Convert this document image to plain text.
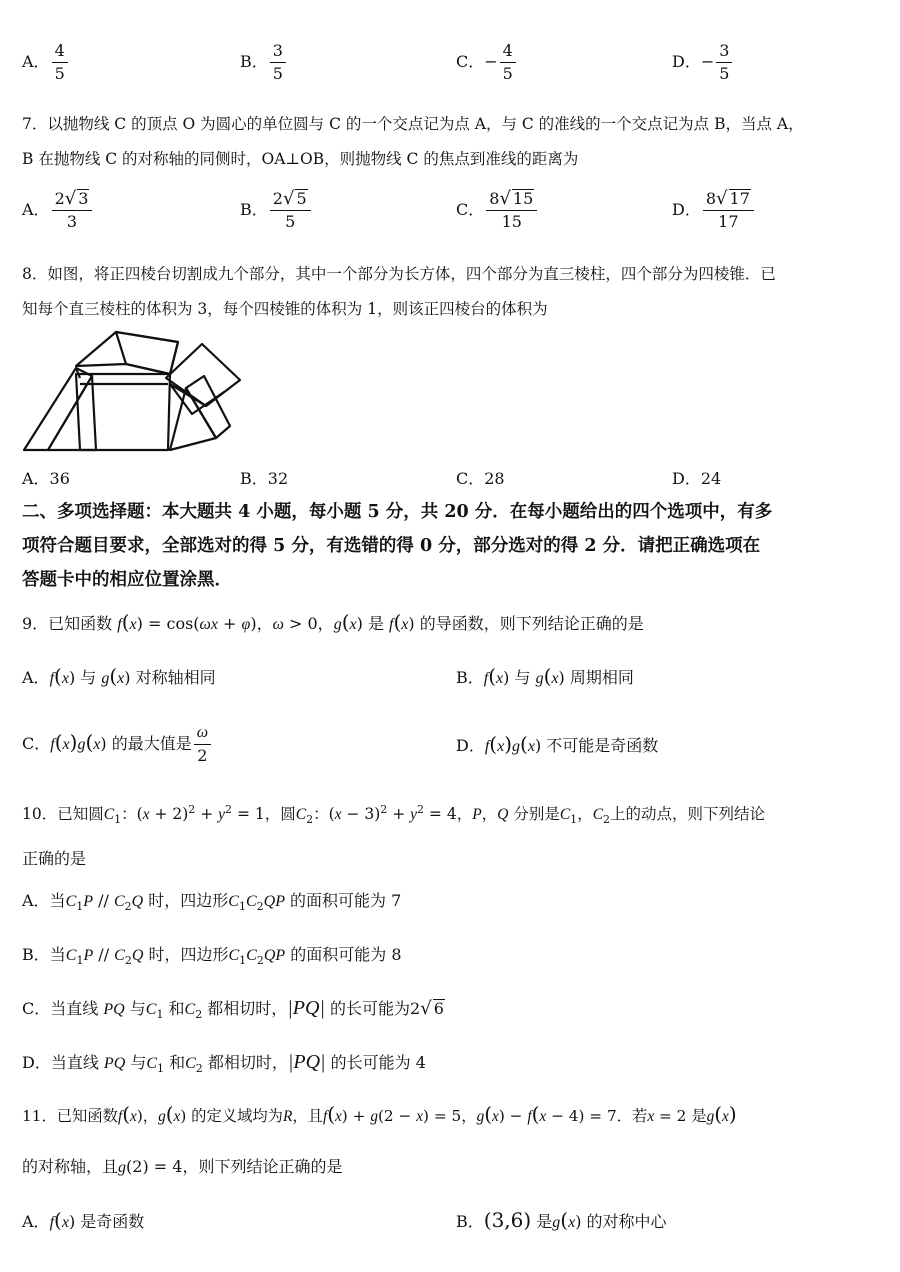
A． $\frac{4}{5}$	B． $\frac{3}{5}$	C．− $\frac{4}{5}$	D．− $\frac{3}{5}$
7．以抛物线 C 的顶点 O 为圆心的单位圆与 C 的一个交点记为点 A，与 C 的准线的一个交点记为点 B，当点 A，
B 在抛物线 C 的对称轴的同侧时，OA⊥OB，则抛物线 C 的焦点到准线的距离为
A． $\frac{2√ 3}{3}$	B． $\frac{2√ 5}{5}$	C． $\frac{8√ 15}{15}$	D． $\frac{8√ 17}{17}$
8．如图，将正四棱台切割成九个部分，其中一个部分为长方体，四个部分为直三棱柱，四个部分为四棱锥．已
知每个直三棱柱的体积为 3，每个四棱锥的体积为 1，则该正四棱台的体积为
A．36	B．32	C．28	D．24
二、多项选择题：本大题共 4 小题，每小题 5 分，共 20 分．在每小题给出的四个选项中，有多
项符合题目要求，全部选对的得 5 分，有选错的得 0 分，部分选对的得 2 分．请把正确选项在
答题卡中的相应位置涂黑．
9．已知函数 f(x) = cos(ωx + φ)，ω > 0，g(x) 是 f(x) 的导函数，则下列结论正确的是
A．f(x) 与 g(x) 对称轴相同	B．f(x) 与 g(x) 周期相同
C．f(x)g(x) 的最大值是 $\frac{\omega}{2}$	D．f(x)g(x) 不可能是奇函数
10．已知圆$C_1$：$(x + 2)^2 + y^2 = 1$，圆$C_2$：$(x - 3)^2 + y^2 = 4$，P，Q 分别是$C_1$，$C_2$上的动点，则下列结论
正确的是
A．当$C_1P // C_2Q$ 时，四边形$C_1C_2QP$ 的面积可能为 7
B．当$C_1P // C_2Q$ 时，四边形$C_1C_2QP$ 的面积可能为 8
C．当直线 PQ 与$C_1$ 和$C_2$ 都相切时，|PQ| 的长可能为2√ 6
D．当直线 PQ 与$C_1$ 和$C_2$ 都相切时，|PQ| 的长可能为 4
11．已知函数f(x)，g(x) 的定义域均为R，且f(x) + g(2 − x) = 5，g(x) − f(x − 4) = 7．若x = 2 是g(x)
的对称轴，且g(2) = 4，则下列结论正确的是
A．f(x) 是奇函数	B．(3,6) 是g(x) 的对称中心
